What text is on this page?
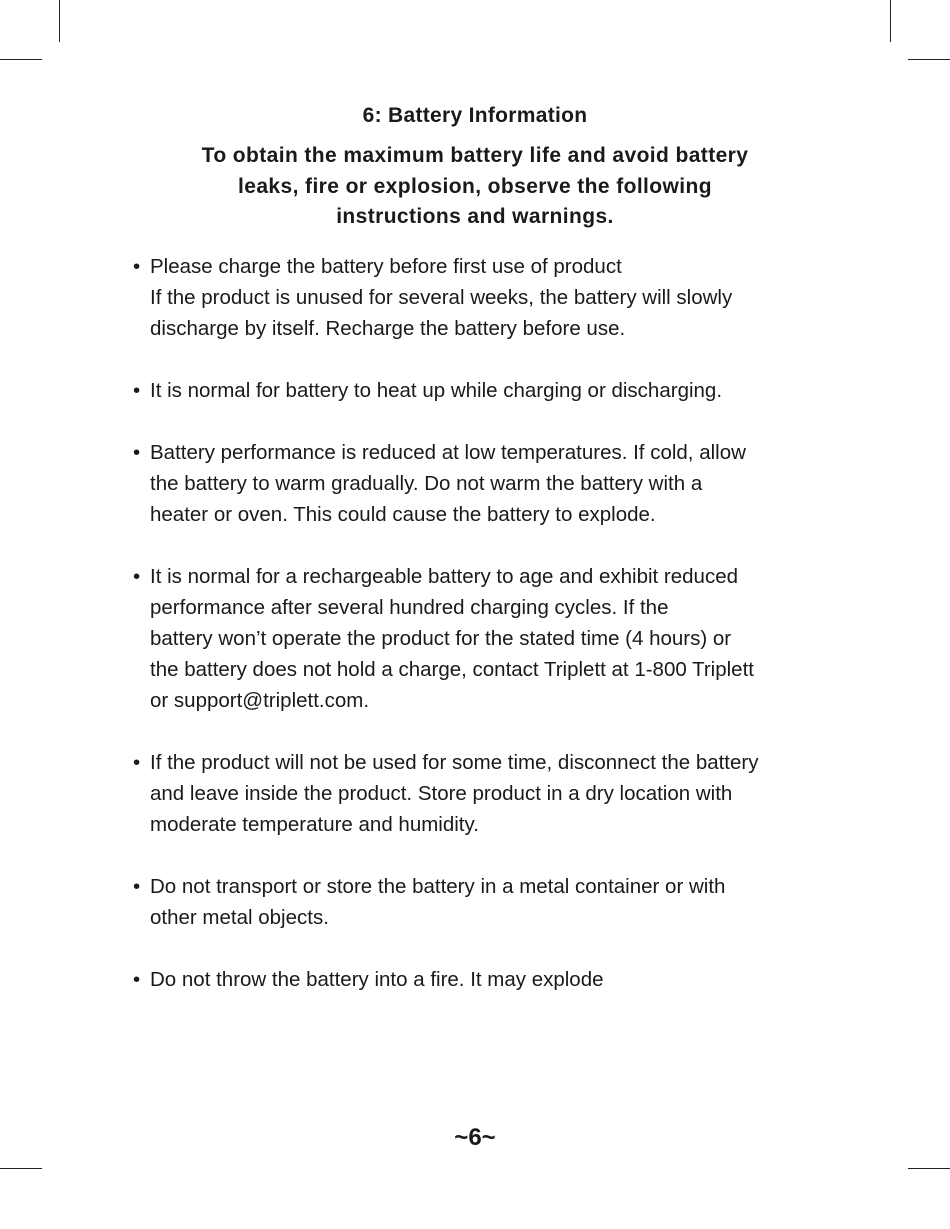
6: Battery Information

To obtain the maximum battery life and avoid battery
leaks, fire or explosion, observe the following
instructions and warnings.

• Please charge the battery before first use of product
If the product is unused for several weeks, the battery will slowly
discharge by itself. Recharge the battery before use.
• It is normal for battery to heat up while charging or discharging.
• Battery performance is reduced at low temperatures. If cold, allow
the battery to warm gradually. Do not warm the battery with a
heater or oven. This could cause the battery to explode.
• It is normal for a rechargeable battery to age and exhibit reduced
performance after several hundred charging cycles. If the
battery won’t operate the product for the stated time (4 hours) or
the battery does not hold a charge, contact Triplett at 1-800 Triplett
or support@triplett.com.
• If the product will not be used for some time, disconnect the battery
and leave inside the product. Store product in a dry location with
moderate temperature and humidity.
• Do not transport or store the battery in a metal container or with
other metal objects.
• Do not throw the battery into a fire. It may explode
~6~
